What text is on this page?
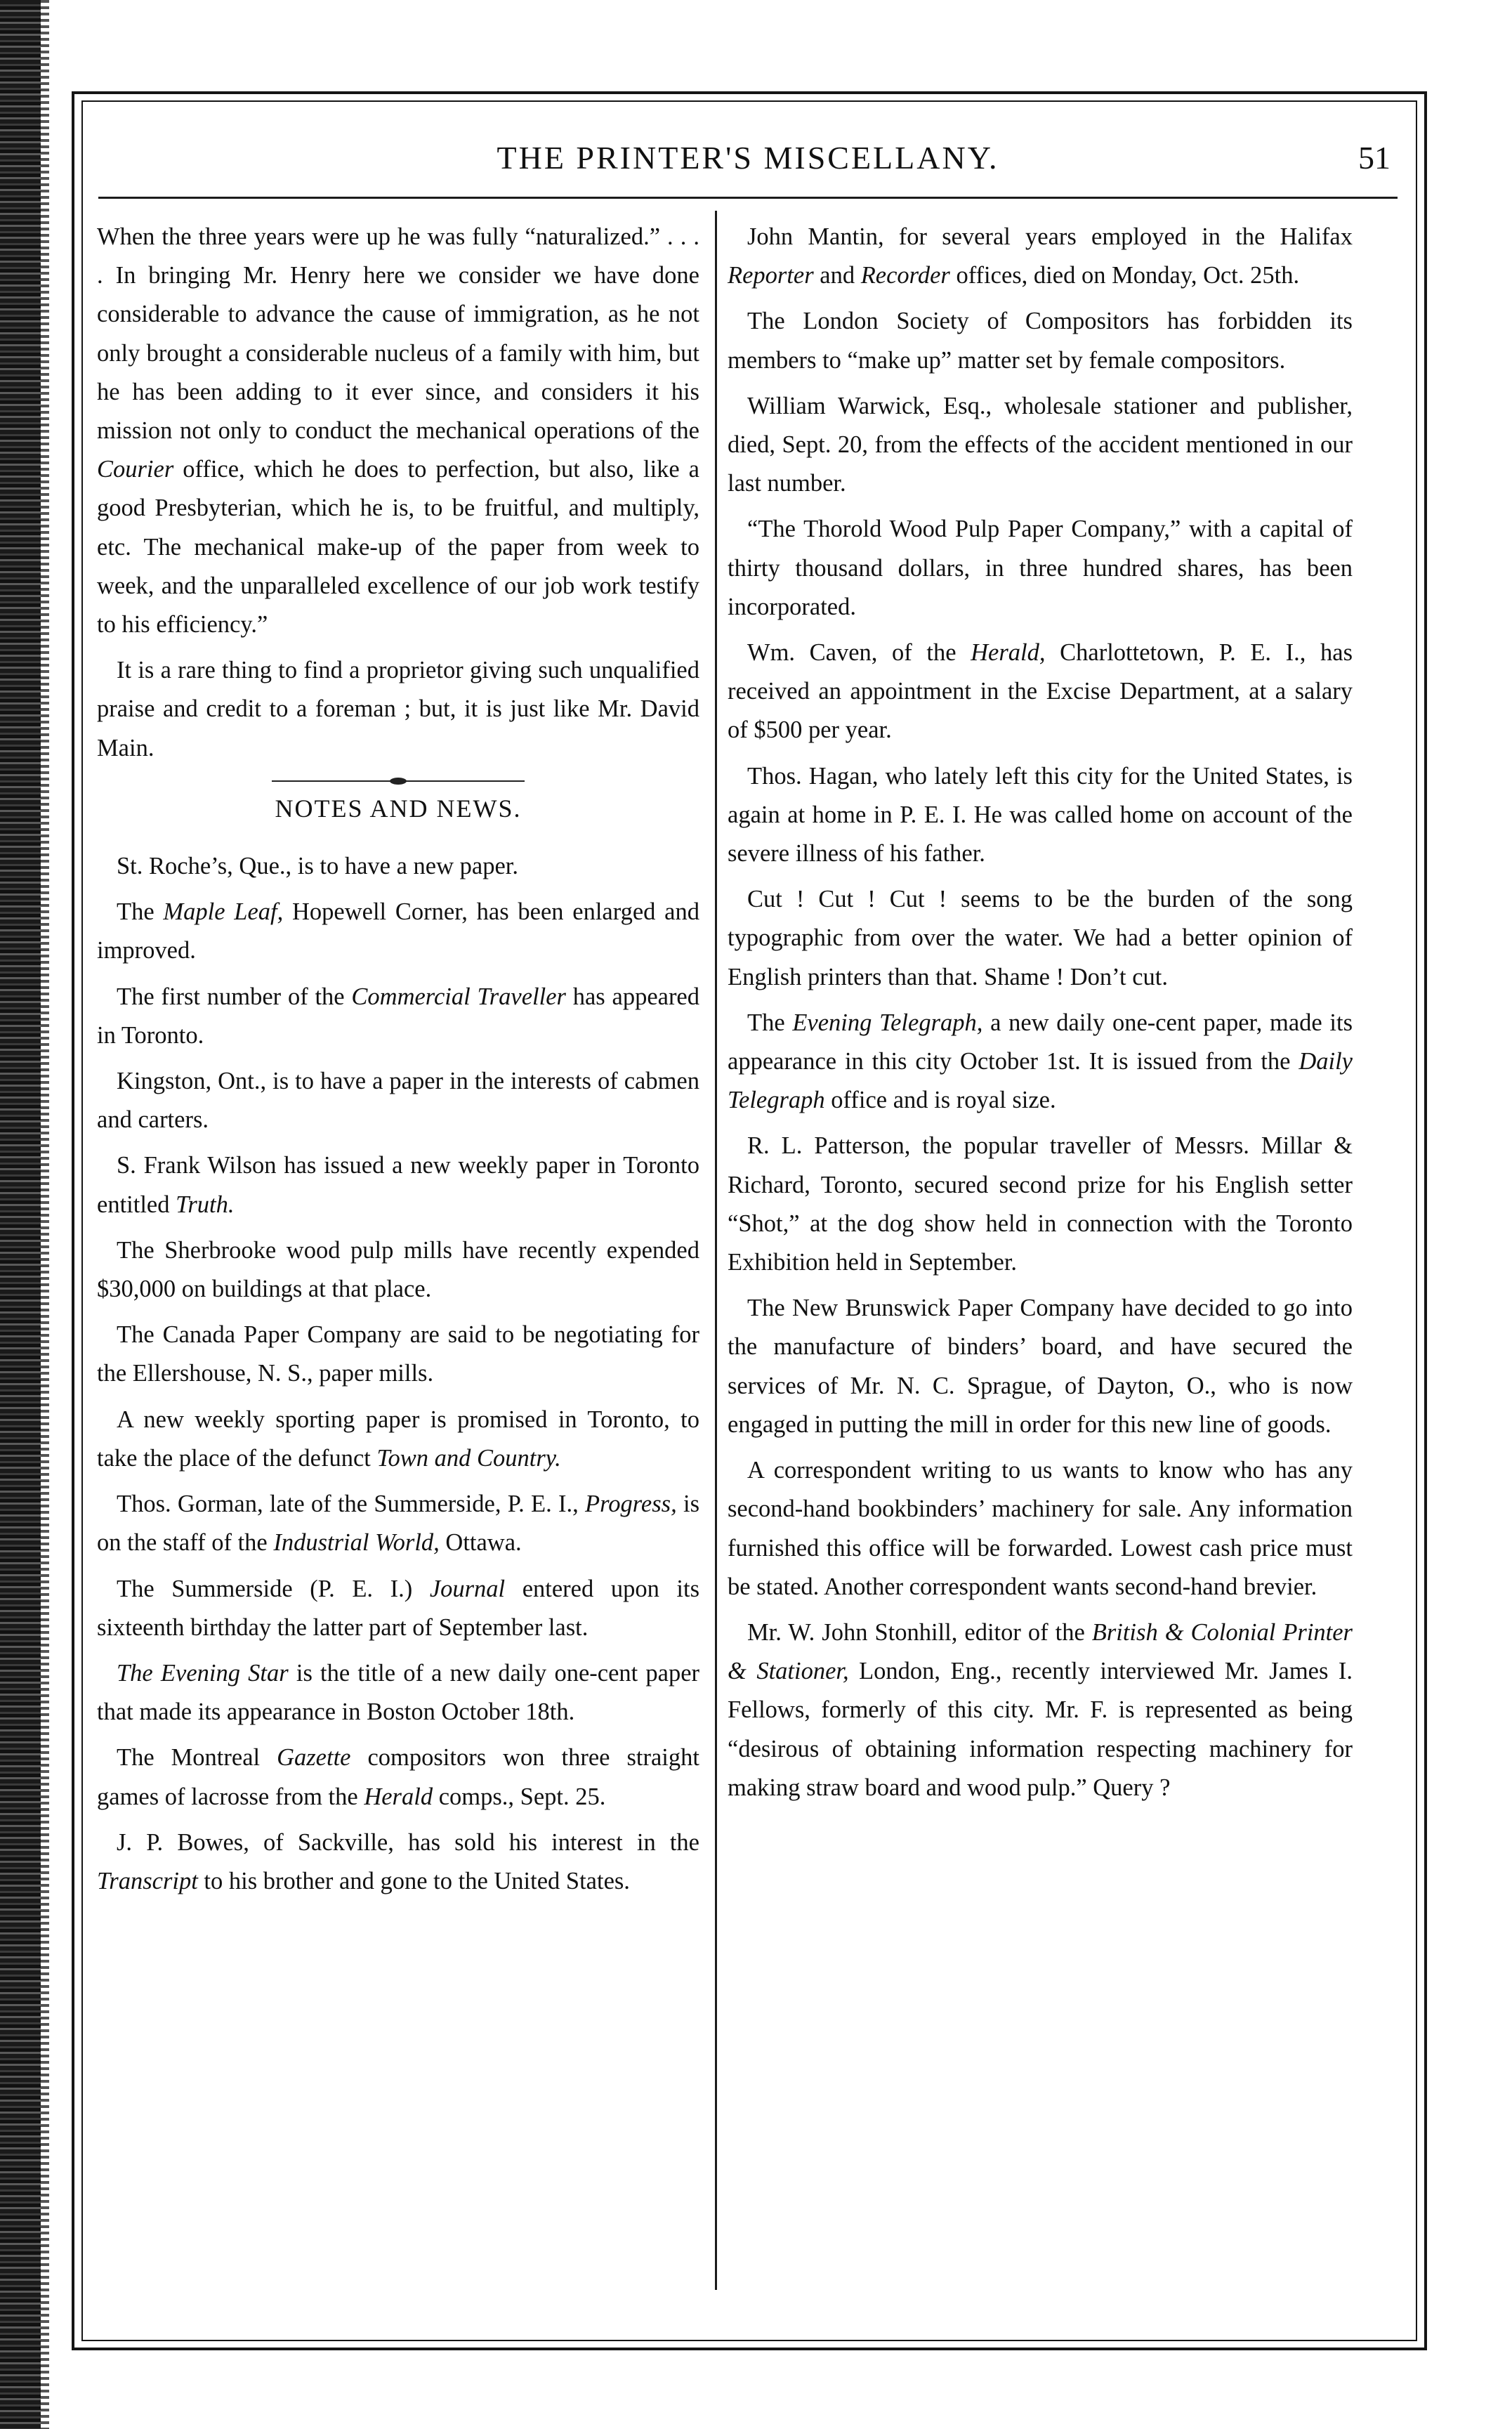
THE PRINTER'S MISCELLANY.	51

When the three years were up he was fully “naturalized.” . . . . In bringing Mr. Henry here we consider we have done considerable to advance the cause of immigration, as he not only brought a considerable nucleus of a family with him, but he has been adding to it ever since, and considers it his mission not only to conduct the mechanical operations of the Courier office, which he does to perfection, but also, like a good Presbyterian, which he is, to be fruitful, and multiply, etc. The mechanical make-up of the paper from week to week, and the unparalleled excellence of our job work testify to his efficiency.”

It is a rare thing to find a proprietor giving such unqualified praise and credit to a foreman ; but, it is just like Mr. David Main.

NOTES AND NEWS.

St. Roche’s, Que., is to have a new paper.

The Maple Leaf, Hopewell Corner, has been enlarged and improved.

The first number of the Commercial Traveller has appeared in Toronto.

Kingston, Ont., is to have a paper in the interests of cabmen and carters.

S. Frank Wilson has issued a new weekly paper in Toronto entitled Truth.

The Sherbrooke wood pulp mills have recently expended $30,000 on buildings at that place.

The Canada Paper Company are said to be negotiating for the Ellershouse, N. S., paper mills.

A new weekly sporting paper is promised in Toronto, to take the place of the defunct Town and Country.

Thos. Gorman, late of the Summerside, P. E. I., Progress, is on the staff of the Industrial World, Ottawa.

The Summerside (P. E. I.) Journal entered upon its sixteenth birthday the latter part of September last.

The Evening Star is the title of a new daily one-cent paper that made its appearance in Boston October 18th.

The Montreal Gazette compositors won three straight games of lacrosse from the Herald comps., Sept. 25.

J. P. Bowes, of Sackville, has sold his interest in the Transcript to his brother and gone to the United States.

John Mantin, for several years employed in the Halifax Reporter and Recorder offices, died on Monday, Oct. 25th.

The London Society of Compositors has forbidden its members to “make up” matter set by female compositors.

William Warwick, Esq., wholesale stationer and publisher, died, Sept. 20, from the effects of the accident mentioned in our last number.

“The Thorold Wood Pulp Paper Company,” with a capital of thirty thousand dollars, in three hundred shares, has been incorporated.

Wm. Caven, of the Herald, Charlottetown, P. E. I., has received an appointment in the Excise Department, at a salary of $500 per year.

Thos. Hagan, who lately left this city for the United States, is again at home in P. E. I. He was called home on account of the severe illness of his father.

Cut ! Cut ! Cut ! seems to be the burden of the song typographic from over the water. We had a better opinion of English printers than that. Shame ! Don’t cut.

The Evening Telegraph, a new daily one-cent paper, made its appearance in this city October 1st. It is issued from the Daily Telegraph office and is royal size.

R. L. Patterson, the popular traveller of Messrs. Millar & Richard, Toronto, secured second prize for his English setter “Shot,” at the dog show held in connection with the Toronto Exhibition held in September.

The New Brunswick Paper Company have decided to go into the manufacture of binders’ board, and have secured the services of Mr. N. C. Sprague, of Dayton, O., who is now engaged in putting the mill in order for this new line of goods.

A correspondent writing to us wants to know who has any second-hand bookbinders’ machinery for sale. Any information furnished this office will be forwarded. Lowest cash price must be stated. Another correspondent wants second-hand brevier.

Mr. W. John Stonhill, editor of the British & Colonial Printer & Stationer, London, Eng., recently interviewed Mr. James I. Fellows, formerly of this city. Mr. F. is represented as being “desirous of obtaining information respecting machinery for making straw board and wood pulp.” Query ?
